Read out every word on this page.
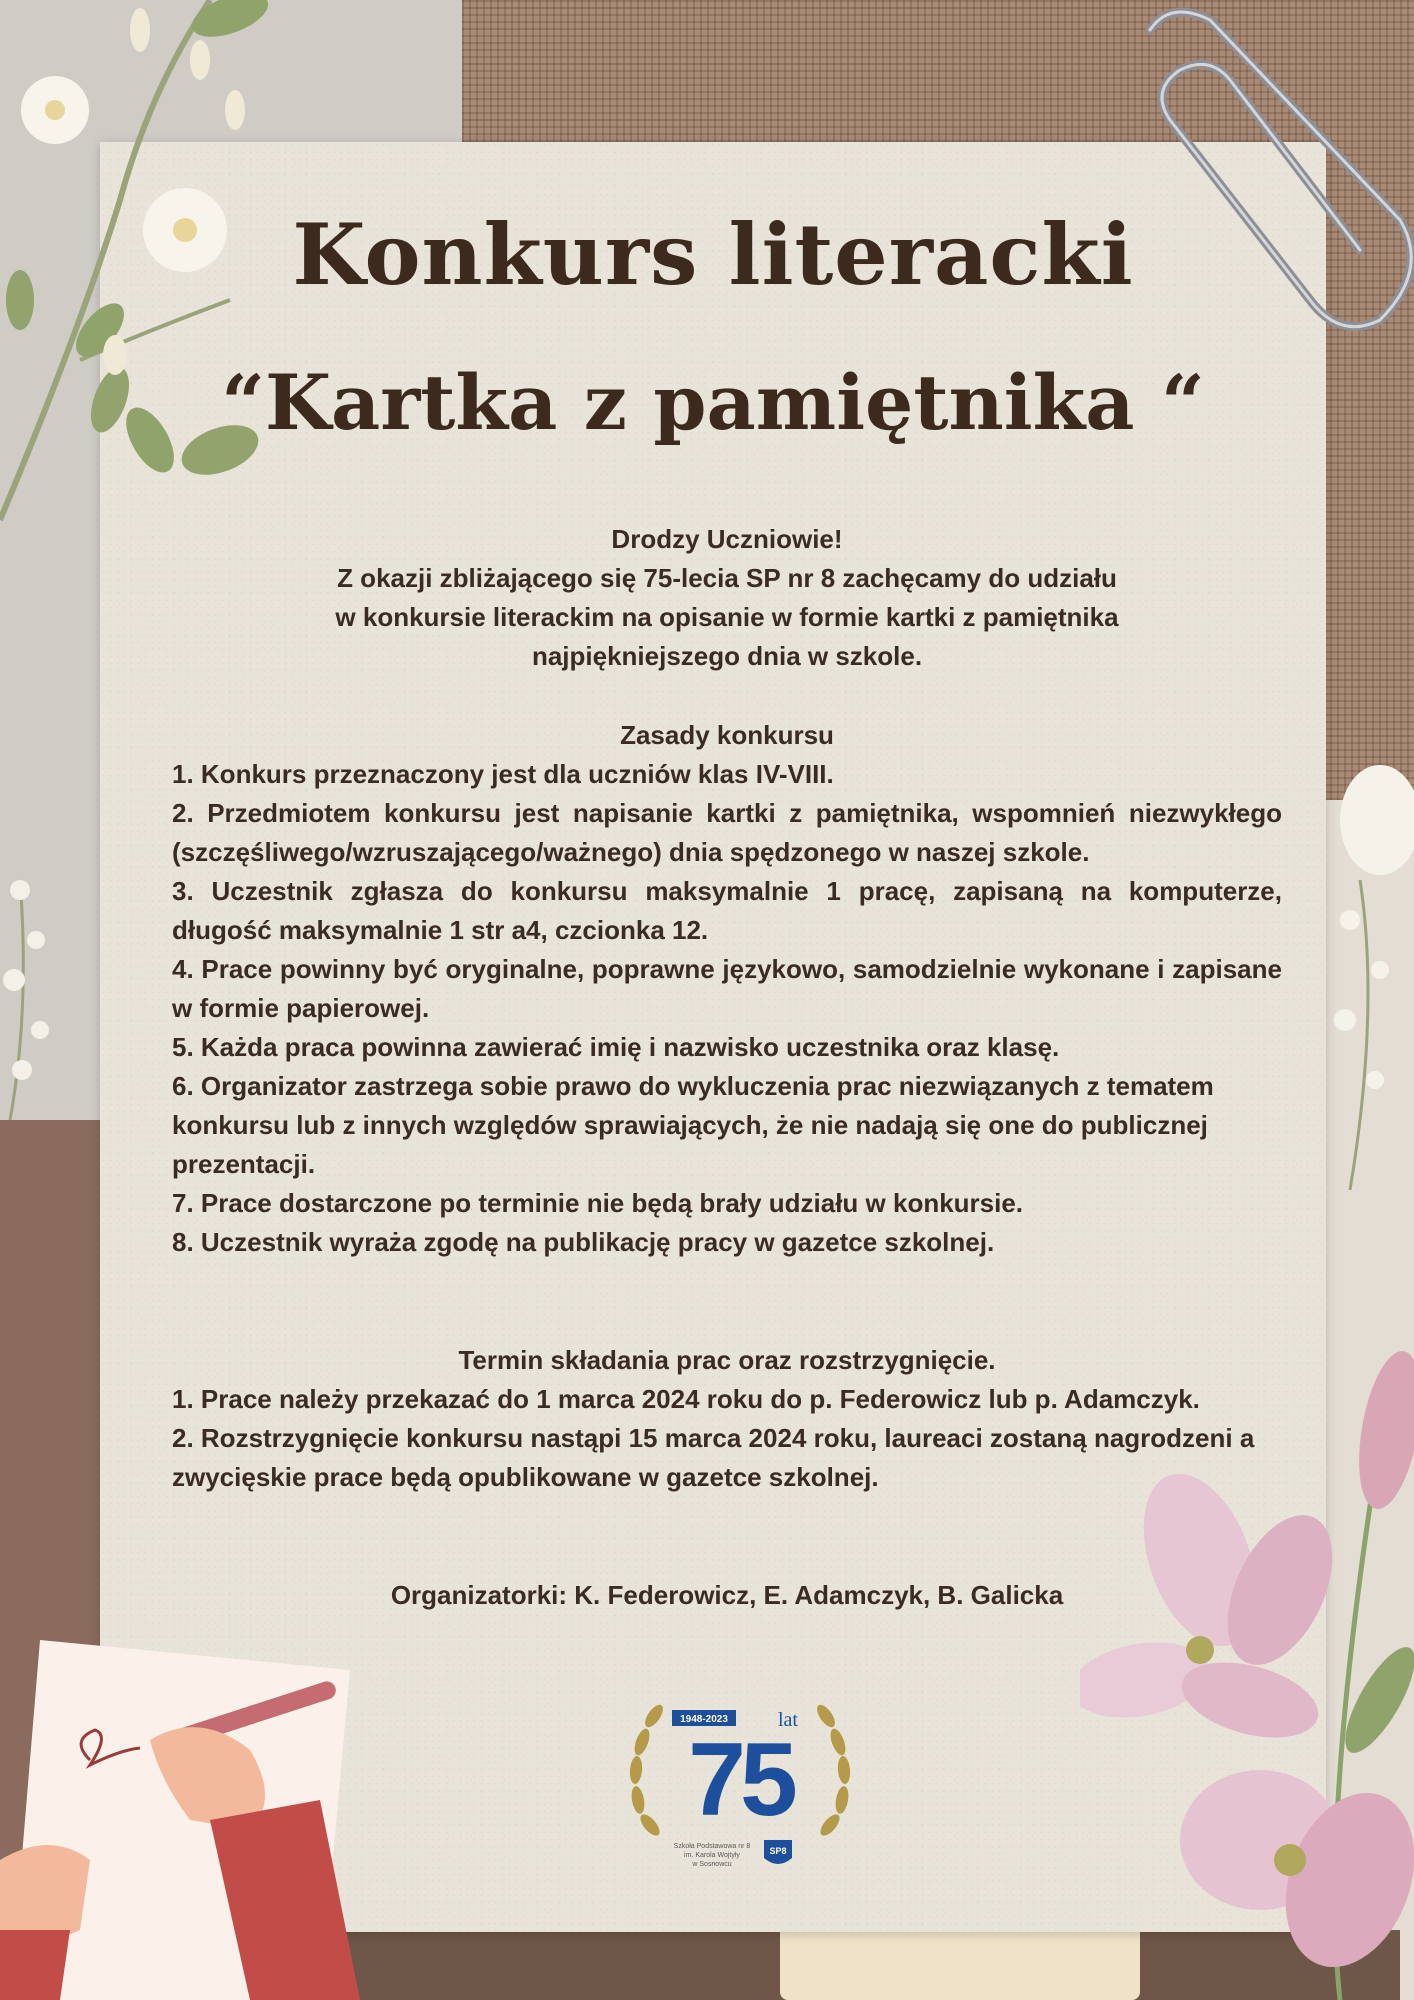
Konkurs literacki
“Kartka z pamiętnika “

Drodzy Uczniowie!

Z okazji zbliżającego się 75-lecia SP nr 8 zachęcamy do udziału

w konkursie literackim na opisanie w formie kartki z pamiętnika

najpiękniejszego dnia w szkole.

Zasady konkursu

1. Konkurs przeznaczony jest dla uczniów klas IV-VIII.

2. Przedmiotem konkursu jest napisanie kartki z pamiętnika, wspomnień niezwykłego (szczęśliwego/wzruszającego/ważnego) dnia spędzonego w naszej szkole.

3. Uczestnik zgłasza do konkursu maksymalnie 1 pracę, zapisaną na komputerze, długość maksymalnie 1 str a4, czcionka 12.

4. Prace powinny być oryginalne, poprawne językowo, samodzielnie wykonane i zapisane w formie papierowej.

5. Każda praca powinna zawierać imię i nazwisko uczestnika oraz klasę.

6. Organizator zastrzega sobie prawo do wykluczenia prac niezwiązanych z tematem konkursu lub z innych względów sprawiających, że nie nadają się one do publicznej prezentacji.

7. Prace dostarczone po terminie nie będą brały udziału w konkursie.

8. Uczestnik wyraża zgodę na publikację pracy w gazetce szkolnej.

Termin składania prac oraz rozstrzygnięcie.

1. Prace należy przekazać do 1 marca 2024 roku do p. Federowicz lub p. Adamczyk.

2. Rozstrzygnięcie konkursu nastąpi 15 marca 2024 roku, laureaci zostaną nagrodzeni a zwycięskie prace będą opublikowane w gazetce szkolnej.

Organizatorki: K. Federowicz, E. Adamczyk, B. Galicka

1948-2023	lat
75
Szkoła Podstawowa nr 8
im. Karola Wojtyły
w Sosnowcu
SP8
